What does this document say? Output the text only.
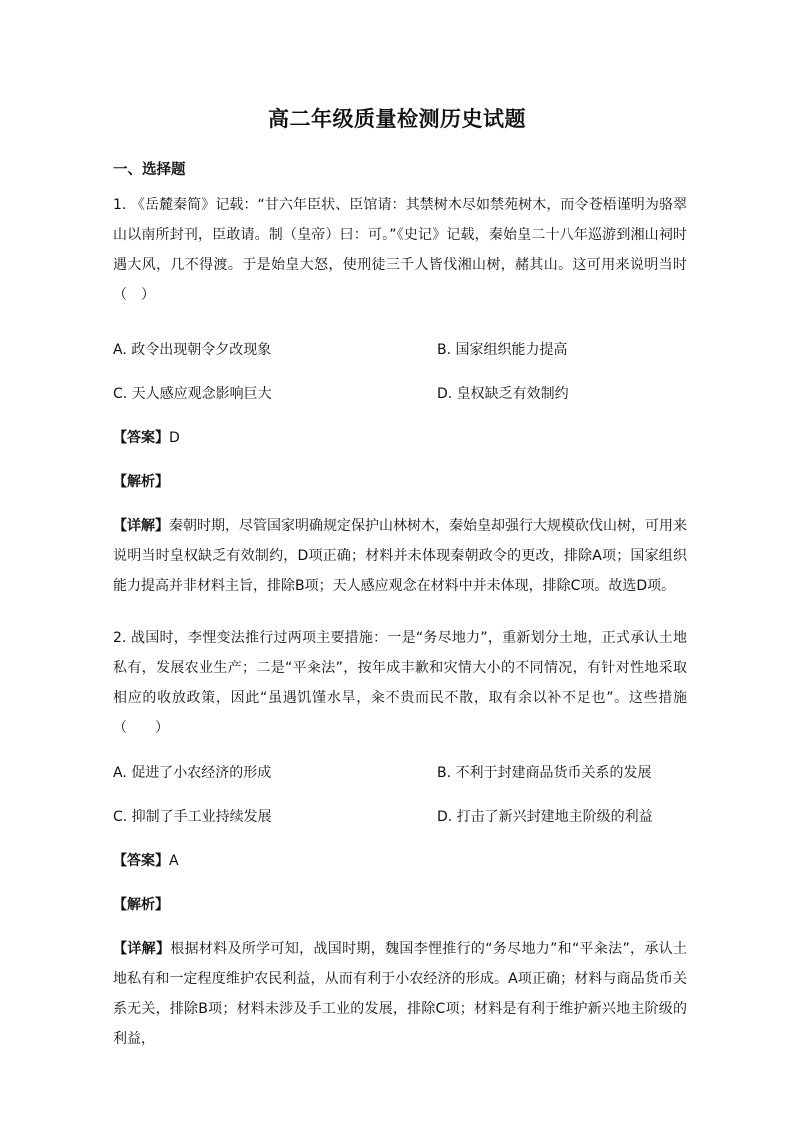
高二年级质量检测历史试题
一、选择题
1. 《岳麓秦简》记载：“甘六年臣状、臣馆请：其禁树木尽如禁苑树木，而令苍梧谨明为骆翠山以南所封刊，臣敢请。制（皇帝）曰：可。”《史记》记载，秦始皇二十八年巡游到湘山祠时遇大风，几不得渡。于是始皇大怒，使刑徒三千人皆伐湘山树，赭其山。这可用来说明当时（　）
A. 政令出现朝令夕改现象	B. 国家组织能力提高
C. 天人感应观念影响巨大	D. 皇权缺乏有效制约
【答案】D
【解析】
【详解】秦朝时期，尽管国家明确规定保护山林树木，秦始皇却强行大规模砍伐山树，可用来说明当时皇权缺乏有效制约，D项正确；材料并未体现秦朝政令的更改，排除A项；国家组织能力提高并非材料主旨，排除B项；天人感应观念在材料中并未体现，排除C项。故选D项。
2. 战国时，李悝变法推行过两项主要措施：一是“务尽地力”，重新划分土地，正式承认土地私有，发展农业生产；二是“平籴法”，按年成丰歉和灾情大小的不同情况，有针对性地采取相应的收放政策，因此“虽遇饥馑水旱，籴不贵而民不散，取有余以补不足也”。这些措施（　　）
A. 促进了小农经济的形成	B. 不利于封建商品货币关系的发展
C. 抑制了手工业持续发展	D. 打击了新兴封建地主阶级的利益
【答案】A
【解析】
【详解】根据材料及所学可知，战国时期，魏国李悝推行的“务尽地力”和“平籴法”，承认土地私有和一定程度维护农民利益，从而有利于小农经济的形成。A项正确；材料与商品货币关系无关，排除B项；材料未涉及手工业的发展，排除C项；材料是有利于维护新兴地主阶级的利益，
